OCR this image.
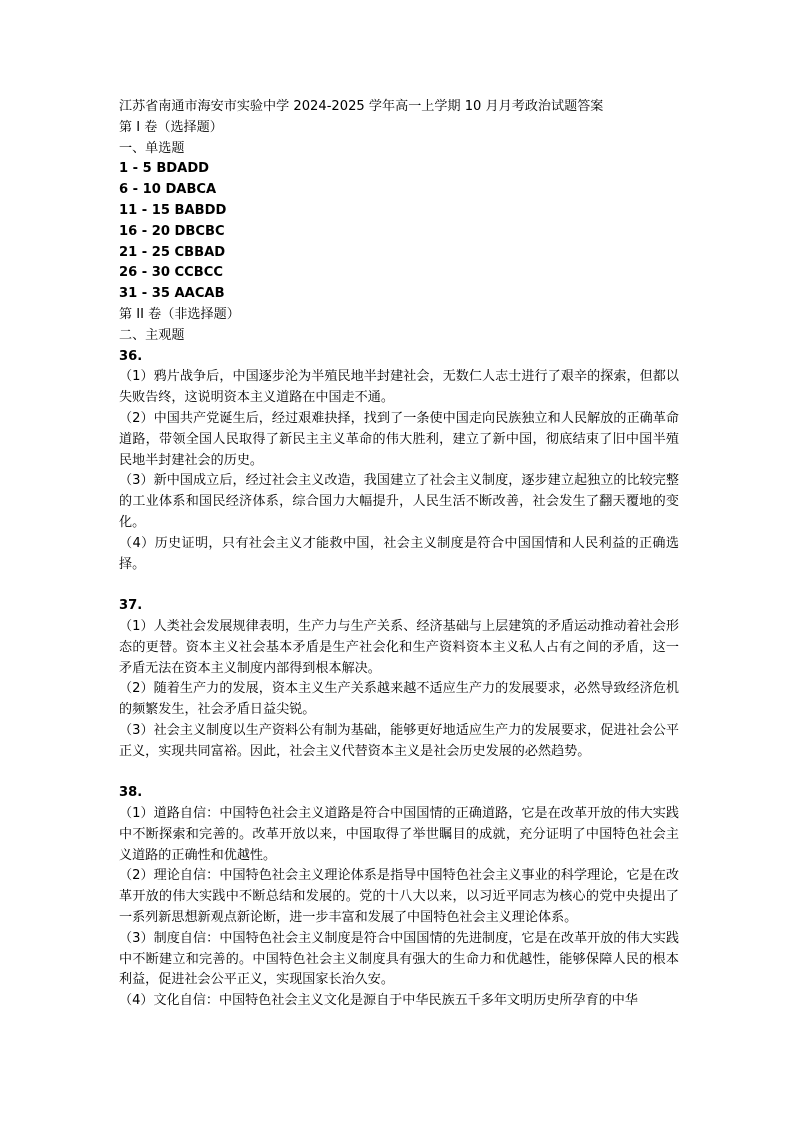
江苏省南通市海安市实验中学 2024-2025 学年高一上学期 10 月月考政治试题答案
第 I 卷（选择题）
一、单选题
1 - 5 BDADD
6 - 10 DABCA
11 - 15 BABDD
16 - 20 DBCBC
21 - 25 CBBAD
26 - 30 CCBCC
31 - 35 AACAB
第 II 卷（非选择题）
二、主观题
36.
（1）鸦片战争后，中国逐步沦为半殖民地半封建社会，无数仁人志士进行了艰辛的探索，但都以失败告终，这说明资本主义道路在中国走不通。
（2）中国共产党诞生后，经过艰难抉择，找到了一条使中国走向民族独立和人民解放的正确革命道路，带领全国人民取得了新民主主义革命的伟大胜利，建立了新中国，彻底结束了旧中国半殖民地半封建社会的历史。
（3）新中国成立后，经过社会主义改造，我国建立了社会主义制度，逐步建立起独立的比较完整的工业体系和国民经济体系，综合国力大幅提升，人民生活不断改善，社会发生了翻天覆地的变化。
（4）历史证明，只有社会主义才能救中国，社会主义制度是符合中国国情和人民利益的正确选择。
37.
（1）人类社会发展规律表明，生产力与生产关系、经济基础与上层建筑的矛盾运动推动着社会形态的更替。资本主义社会基本矛盾是生产社会化和生产资料资本主义私人占有之间的矛盾，这一矛盾无法在资本主义制度内部得到根本解决。
（2）随着生产力的发展，资本主义生产关系越来越不适应生产力的发展要求，必然导致经济危机的频繁发生，社会矛盾日益尖锐。
（3）社会主义制度以生产资料公有制为基础，能够更好地适应生产力的发展要求，促进社会公平正义，实现共同富裕。因此，社会主义代替资本主义是社会历史发展的必然趋势。
38.
（1）道路自信：中国特色社会主义道路是符合中国国情的正确道路，它是在改革开放的伟大实践中不断探索和完善的。改革开放以来，中国取得了举世瞩目的成就，充分证明了中国特色社会主义道路的正确性和优越性。
（2）理论自信：中国特色社会主义理论体系是指导中国特色社会主义事业的科学理论，它是在改革开放的伟大实践中不断总结和发展的。党的十八大以来，以习近平同志为核心的党中央提出了一系列新思想新观点新论断，进一步丰富和发展了中国特色社会主义理论体系。
（3）制度自信：中国特色社会主义制度是符合中国国情的先进制度，它是在改革开放的伟大实践中不断建立和完善的。中国特色社会主义制度具有强大的生命力和优越性，能够保障人民的根本利益，促进社会公平正义，实现国家长治久安。
（4）文化自信：中国特色社会主义文化是源自于中华民族五千多年文明历史所孕育的中华
